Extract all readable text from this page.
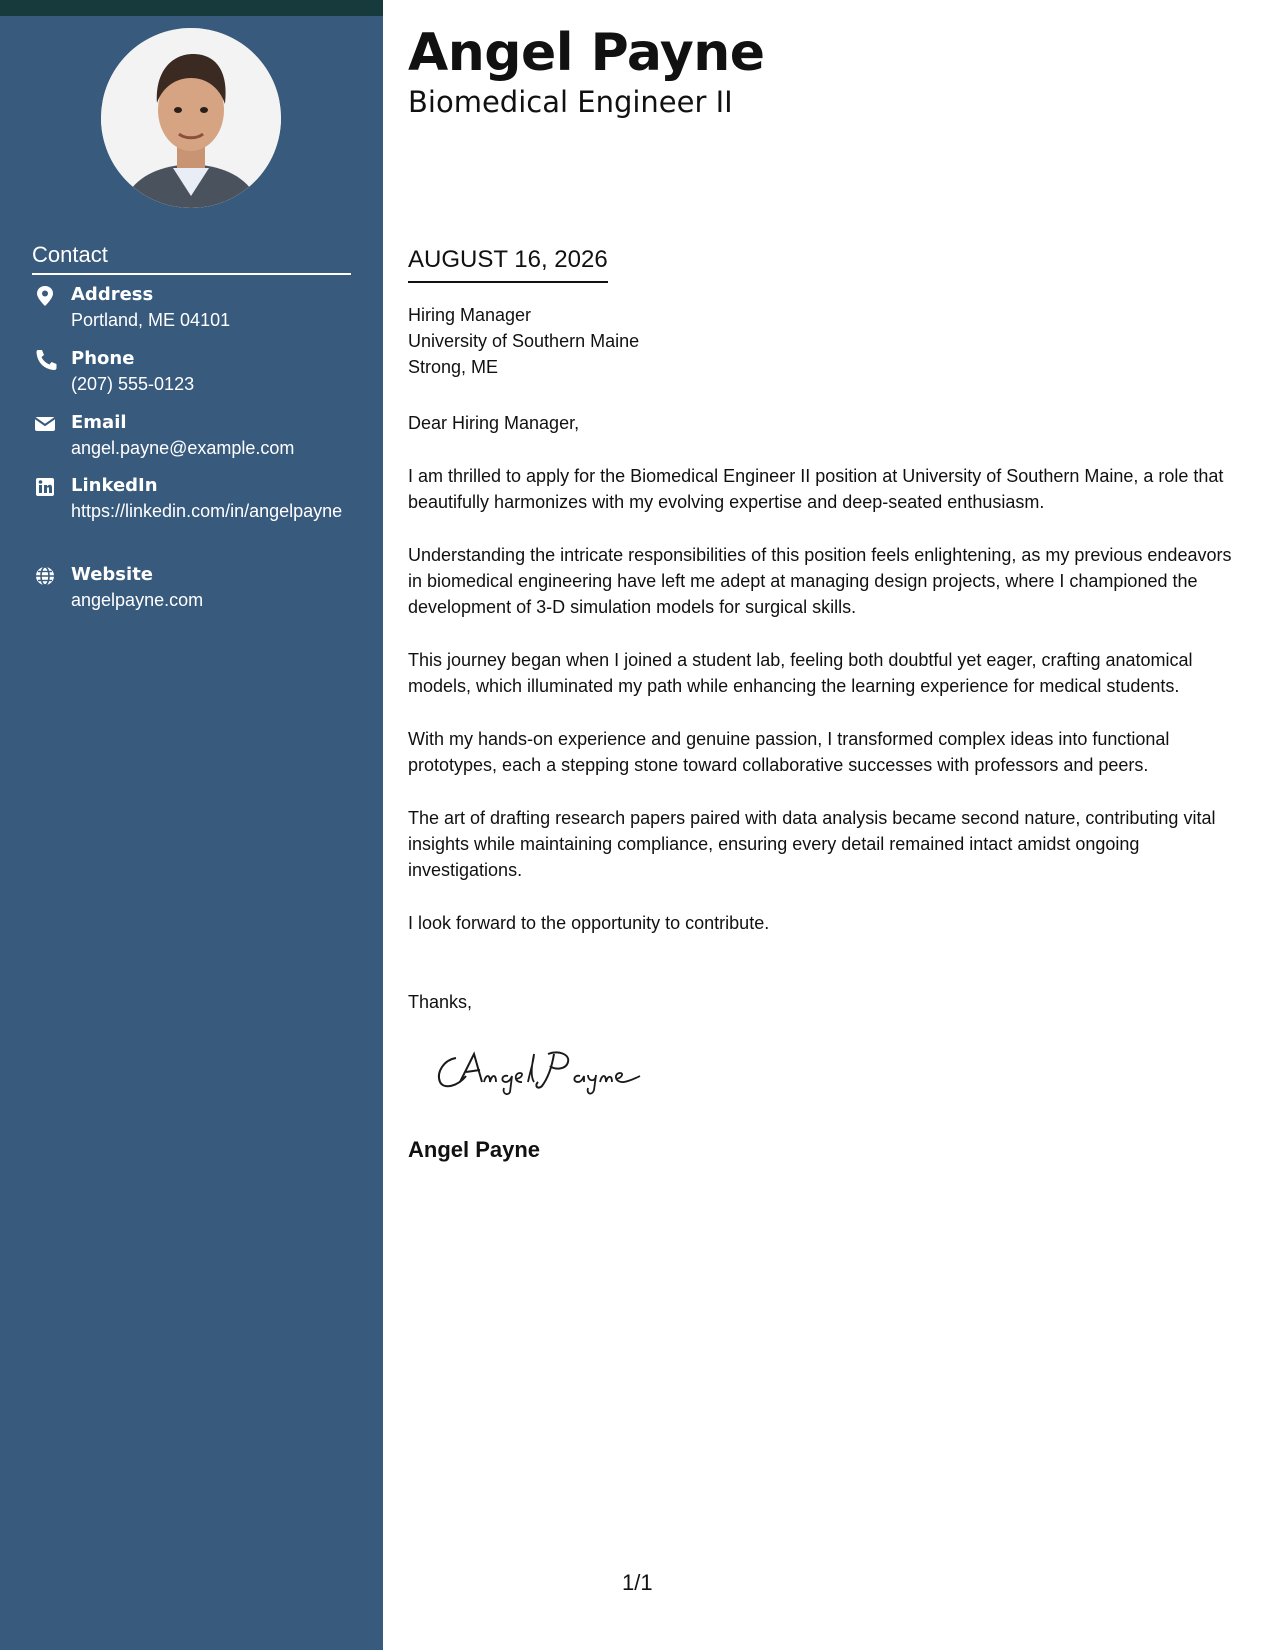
Contact
Address
Portland, ME 04101
Phone
(207) 555-0123
Email
angel.payne@example.com
LinkedIn
https://linkedin.com/in/angelpayne
Website
angelpayne.com
Angel Payne
Biomedical Engineer II
AUGUST 16, 2026
Hiring Manager
University of Southern Maine
Strong, ME

Dear Hiring Manager,

I am thrilled to apply for the Biomedical Engineer II position at University of Southern Maine, a role that beautifully harmonizes with my evolving expertise and deep-seated enthusiasm.

Understanding the intricate responsibilities of this position feels enlightening, as my previous endeavors in biomedical engineering have left me adept at managing design projects, where I championed the development of 3-D simulation models for surgical skills.

This journey began when I joined a student lab, feeling both doubtful yet eager, crafting anatomical models, which illuminated my path while enhancing the learning experience for medical students.

With my hands-on experience and genuine passion, I transformed complex ideas into functional prototypes, each a stepping stone toward collaborative successes with professors and peers.

The art of drafting research papers paired with data analysis became second nature, contributing vital insights while maintaining compliance, ensuring every detail remained intact amidst ongoing investigations.

I look forward to the opportunity to contribute.

Thanks,
Angel Payne
1/1
